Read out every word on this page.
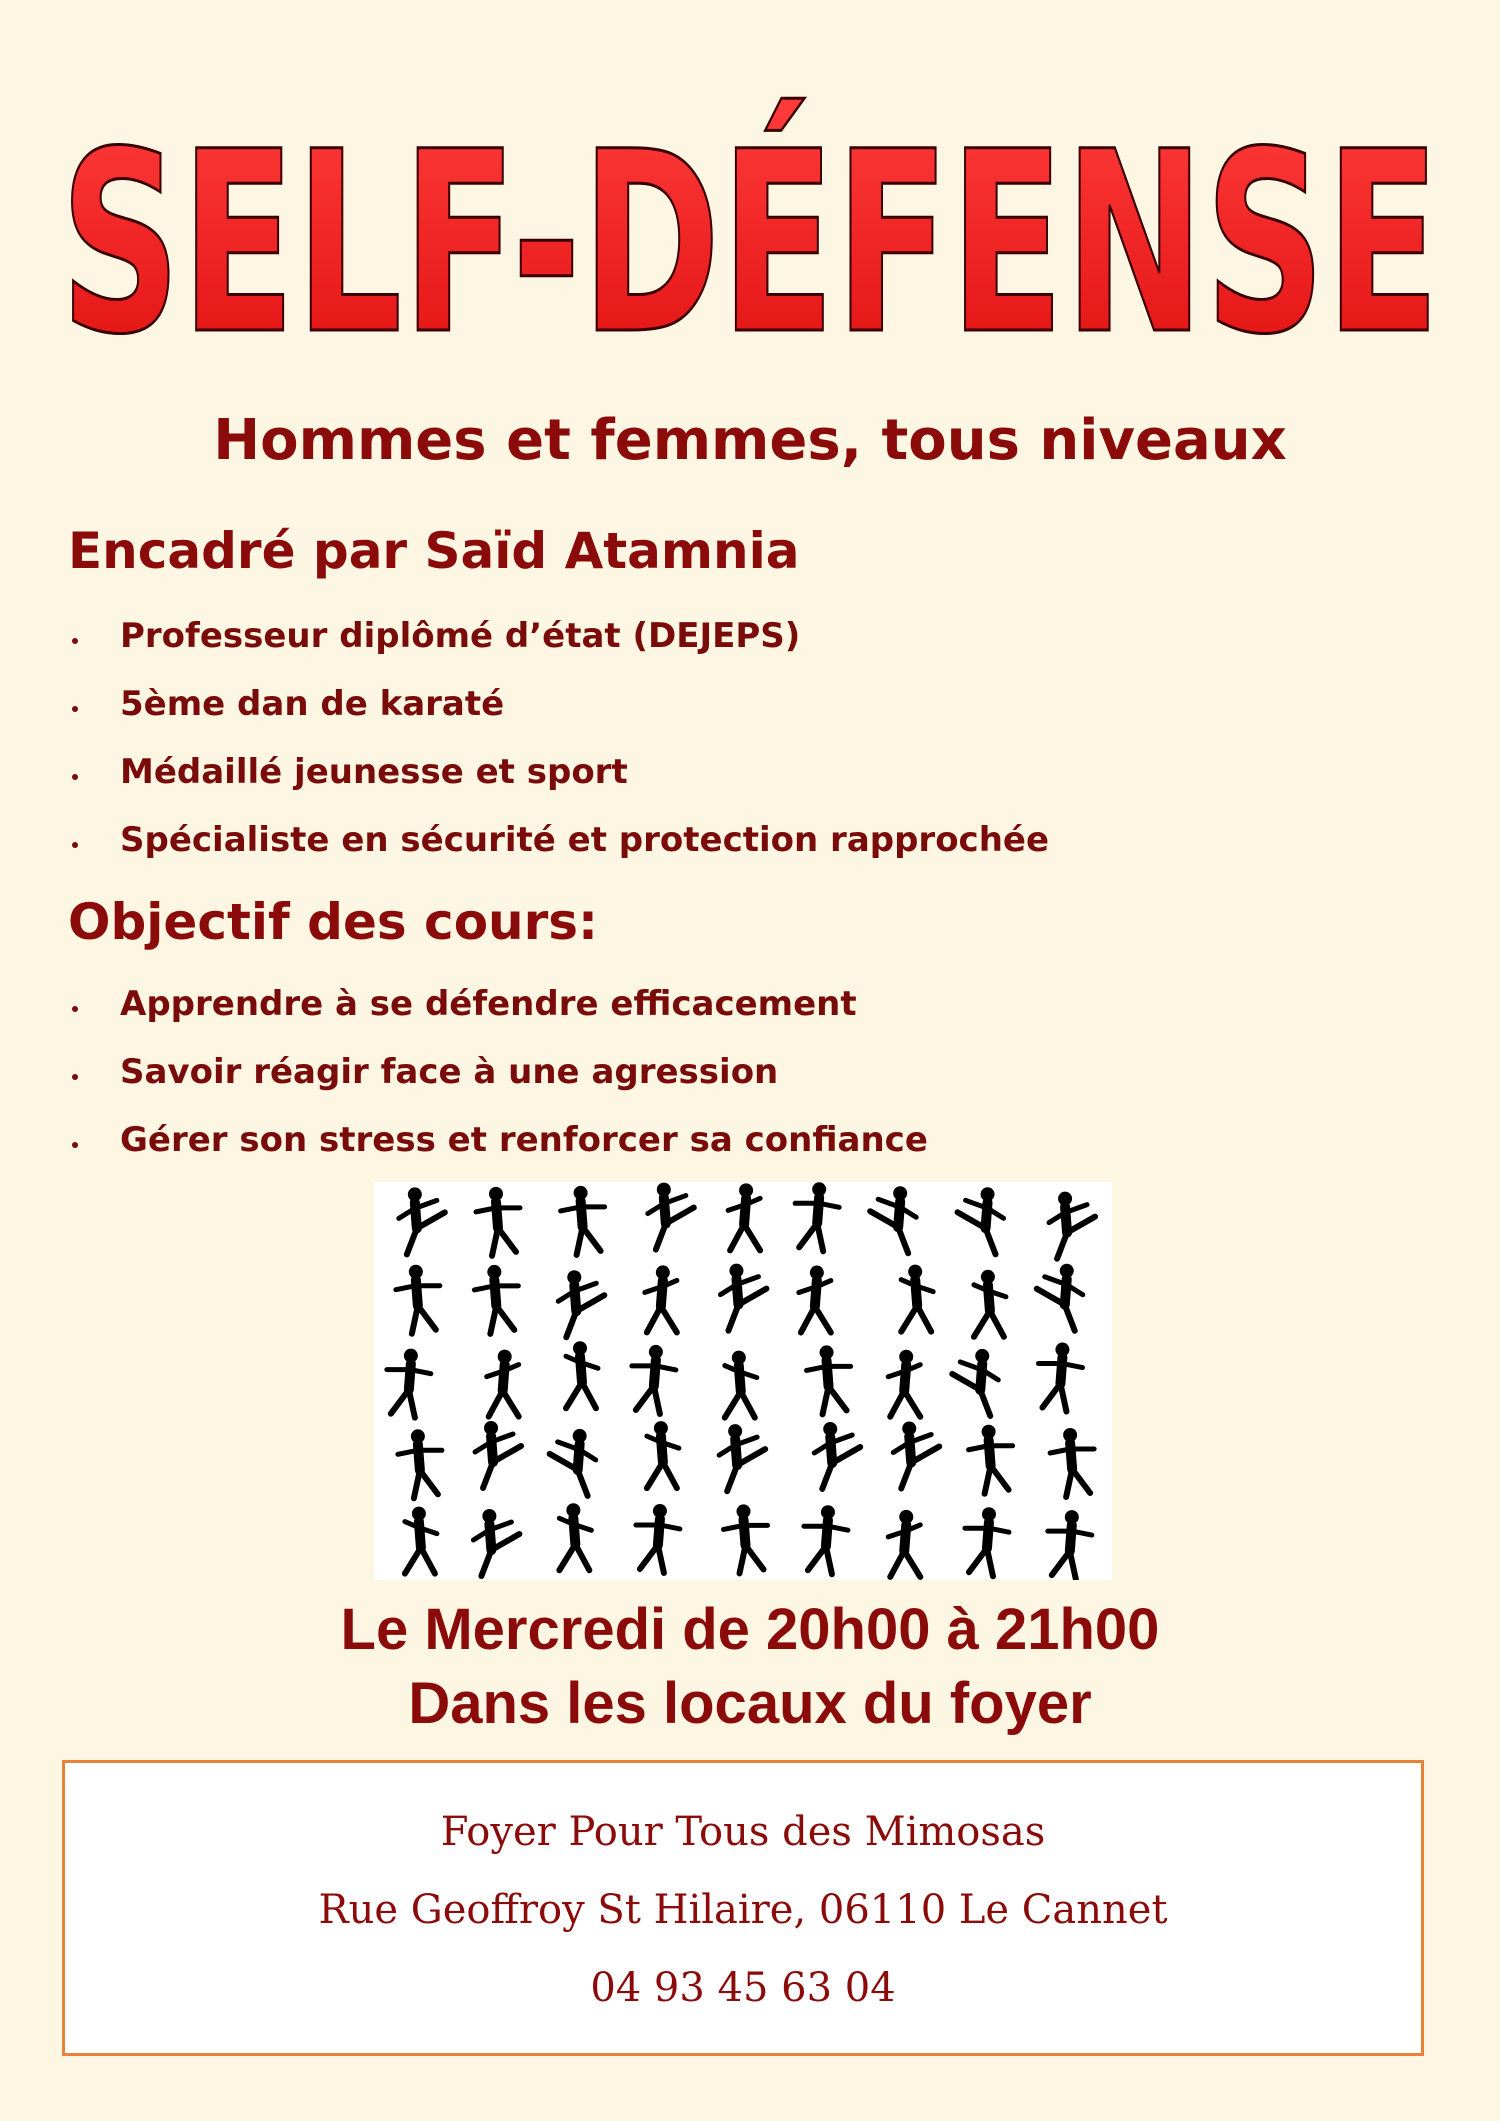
SELF-DÉFENSE
Hommes et femmes, tous niveaux
Encadré par Saïd Atamnia
Professeur diplômé d’état (DEJEPS)
5ème dan de karaté
Médaillé jeunesse et sport
Spécialiste en sécurité et protection rapprochée
Objectif des cours:
Apprendre à se défendre efficacement
Savoir réagir face à une agression
Gérer son stress et renforcer sa confiance
Le Mercredi de 20h00 à 21h00
Dans les locaux du foyer
Foyer Pour Tous des Mimosas
Rue Geoffroy St Hilaire, 06110 Le Cannet
04 93 45 63 04
